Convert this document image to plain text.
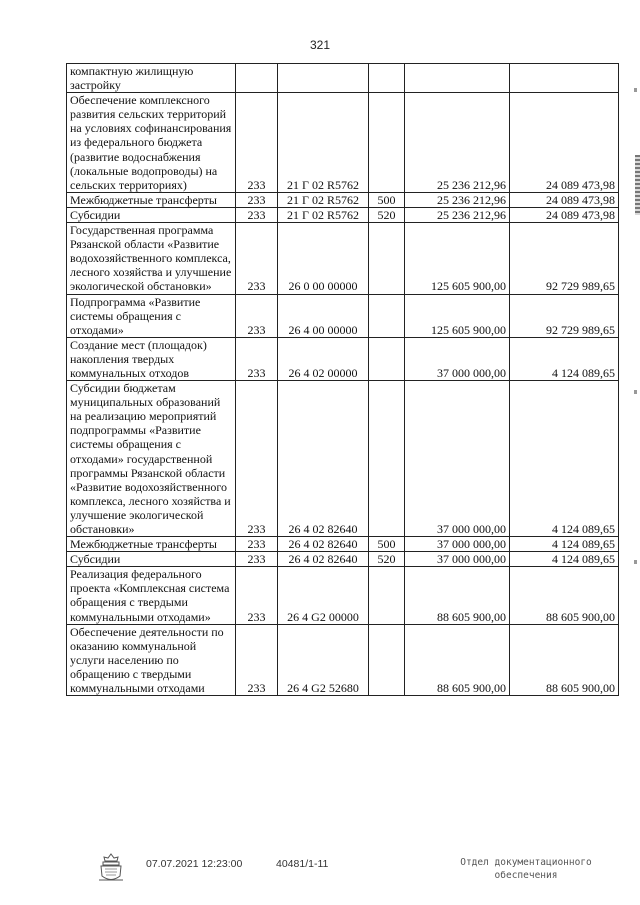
321
компактную жилищную застройку					

Обеспечение комплексного развития сельских территорий на условиях софинансирования из федерального бюджета (развитие водоснабжения (локальные водопроводы) на сельских территориях)	233	21 Г 02 R5762		25 236 212,96	24 089 473,98

Межбюджетные трансферты	233	21 Г 02 R5762	500	25 236 212,96	24 089 473,98

Субсидии	233	21 Г 02 R5762	520	25 236 212,96	24 089 473,98

Государственная программа Рязанской области «Развитие водохозяйственного комплекса, лесного хозяйства и улучшение экологической обстановки»	233	26 0 00 00000		125 605 900,00	92 729 989,65

Подпрограмма «Развитие системы обращения с отходами»	233	26 4 00 00000		125 605 900,00	92 729 989,65

Создание мест (площадок) накопления твердых коммунальных отходов	233	26 4 02 00000		37 000 000,00	4 124 089,65

Субсидии бюджетам муниципальных образований на реализацию мероприятий подпрограммы «Развитие системы обращения с отходами» государственной программы Рязанской области «Развитие водохозяйственного комплекса, лесного хозяйства и улучшение экологической обстановки»	233	26 4 02 82640		37 000 000,00	4 124 089,65

Межбюджетные трансферты	233	26 4 02 82640	500	37 000 000,00	4 124 089,65

Субсидии	233	26 4 02 82640	520	37 000 000,00	4 124 089,65

Реализация федерального проекта «Комплексная система обращения с твердыми коммунальными отходами»	233	26 4 G2 00000		88 605 900,00	88 605 900,00

Обеспечение деятельности по оказанию коммунальной услуги населению по обращению с твердыми коммунальными отходами	233	26 4 G2 52680		88 605 900,00	88 605 900,00
07.07.2021 12:23:00	40481/1-11	Отдел документационного
обеспечения
